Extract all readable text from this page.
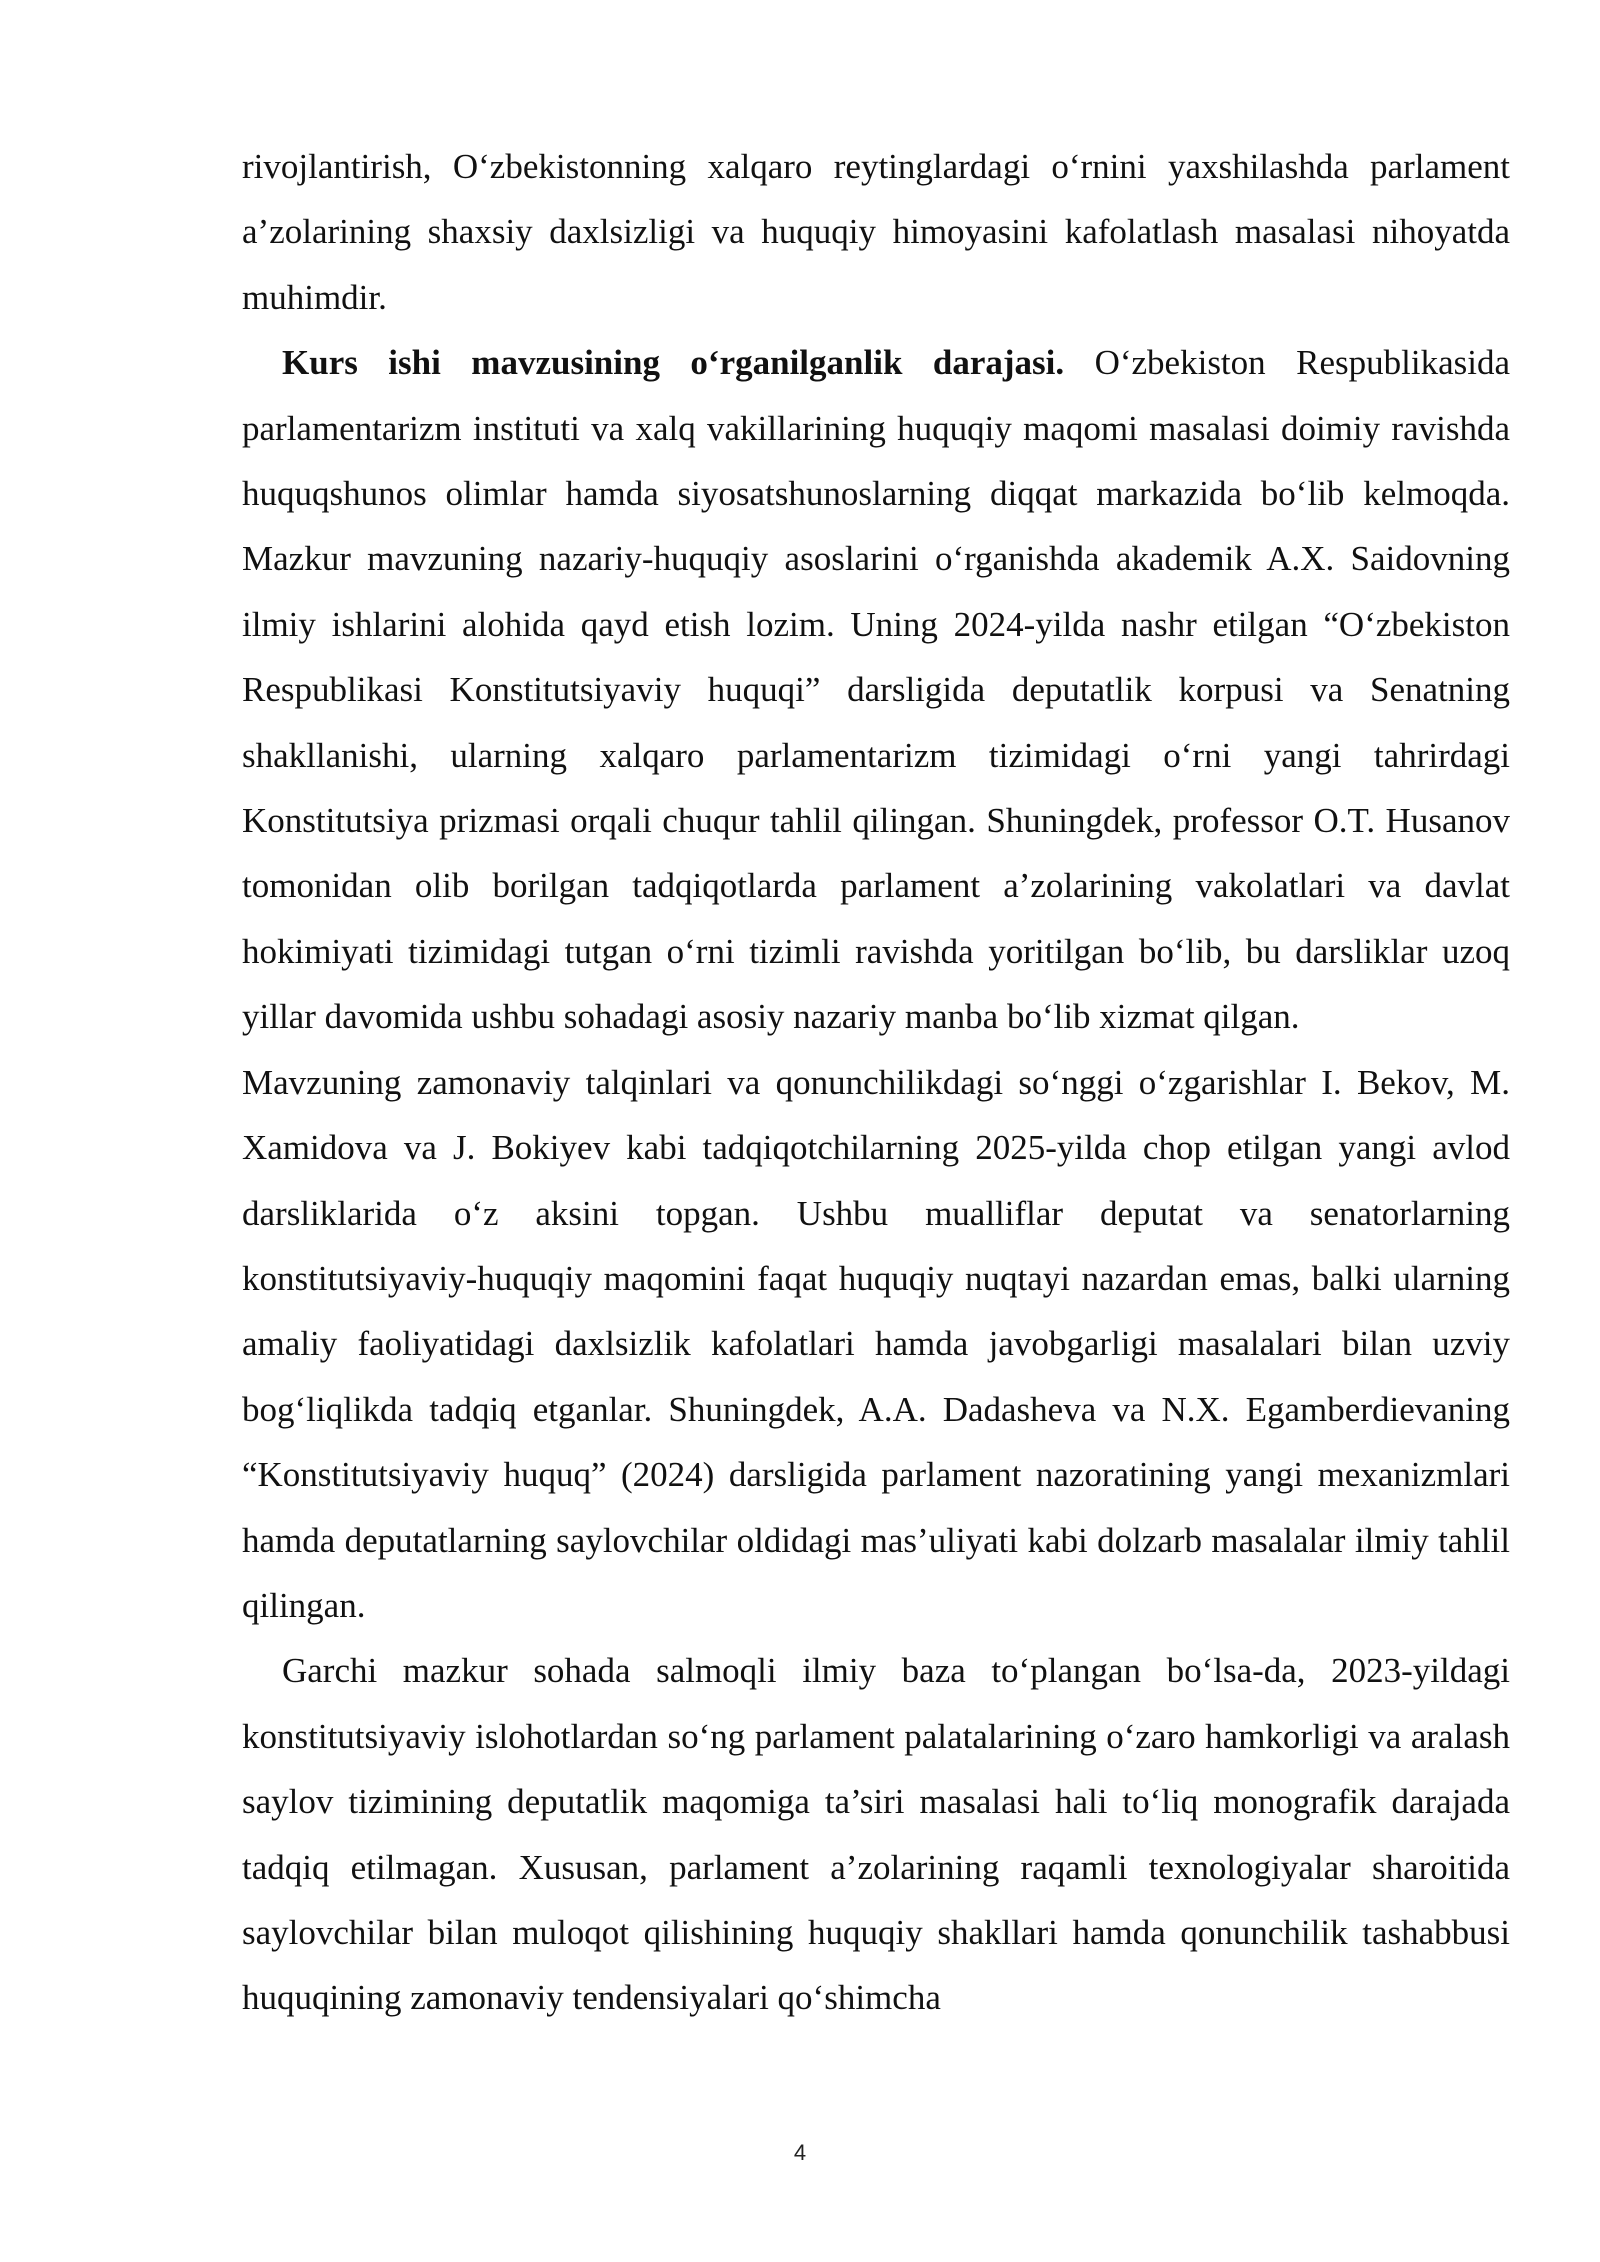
rivojlantirish, O‘zbekistonning xalqaro reytinglardagi o‘rnini yaxshilashda parlament a’zolarining shaxsiy daxlsizligi va huquqiy himoyasini kafolatlash masalasi nihoyatda muhimdir.

Kurs ishi mavzusining o‘rganilganlik darajasi. O‘zbekiston Respublikasida parlamentarizm instituti va xalq vakillarining huquqiy maqomi masalasi doimiy ravishda huquqshunos olimlar hamda siyosatshunoslarning diqqat markazida bo‘lib kelmoqda. Mazkur mavzuning nazariy-huquqiy asoslarini o‘rganishda akademik A.X. Saidovning ilmiy ishlarini alohida qayd etish lozim. Uning 2024-yilda nashr etilgan “O‘zbekiston Respublikasi Konstitutsiyaviy huquqi” darsligida deputatlik korpusi va Senatning shakllanishi, ularning xalqaro parlamentarizm tizimidagi o‘rni yangi tahrirdagi Konstitutsiya prizmasi orqali chuqur tahlil qilingan. Shuningdek, professor O.T. Husanov tomonidan olib borilgan tadqiqotlarda parlament a’zolarining vakolatlari va davlat hokimiyati tizimidagi tutgan o‘rni tizimli ravishda yoritilgan bo‘lib, bu darsliklar uzoq yillar davomida ushbu sohadagi asosiy nazariy manba bo‘lib xizmat qilgan.

Mavzuning zamonaviy talqinlari va qonunchilikdagi so‘nggi o‘zgarishlar I. Bekov, M. Xamidova va J. Bokiyev kabi tadqiqotchilarning 2025-yilda chop etilgan yangi avlod darsliklarida o‘z aksini topgan. Ushbu mualliflar deputat va senatorlarning konstitutsiyaviy-huquqiy maqomini faqat huquqiy nuqtayi nazardan emas, balki ularning amaliy faoliyatidagi daxlsizlik kafolatlari hamda javobgarligi masalalari bilan uzviy bog‘liqlikda tadqiq etganlar. Shuningdek, A.A. Dadasheva va N.X. Egamberdievaning “Konstitutsiyaviy huquq” (2024) darsligida parlament nazoratining yangi mexanizmlari hamda deputatlarning saylovchilar oldidagi mas’uliyati kabi dolzarb masalalar ilmiy tahlil qilingan.

Garchi mazkur sohada salmoqli ilmiy baza to‘plangan bo‘lsa-da, 2023-yildagi konstitutsiyaviy islohotlardan so‘ng parlament palatalarining o‘zaro hamkorligi va aralash saylov tizimining deputatlik maqomiga ta’siri masalasi hali to‘liq monografik darajada tadqiq etilmagan. Xususan, parlament a’zolarining raqamli texnologiyalar sharoitida saylovchilar bilan muloqot qilishining huquqiy shakllari hamda qonunchilik tashabbusi huquqining zamonaviy tendensiyalari qo‘shimcha

4
